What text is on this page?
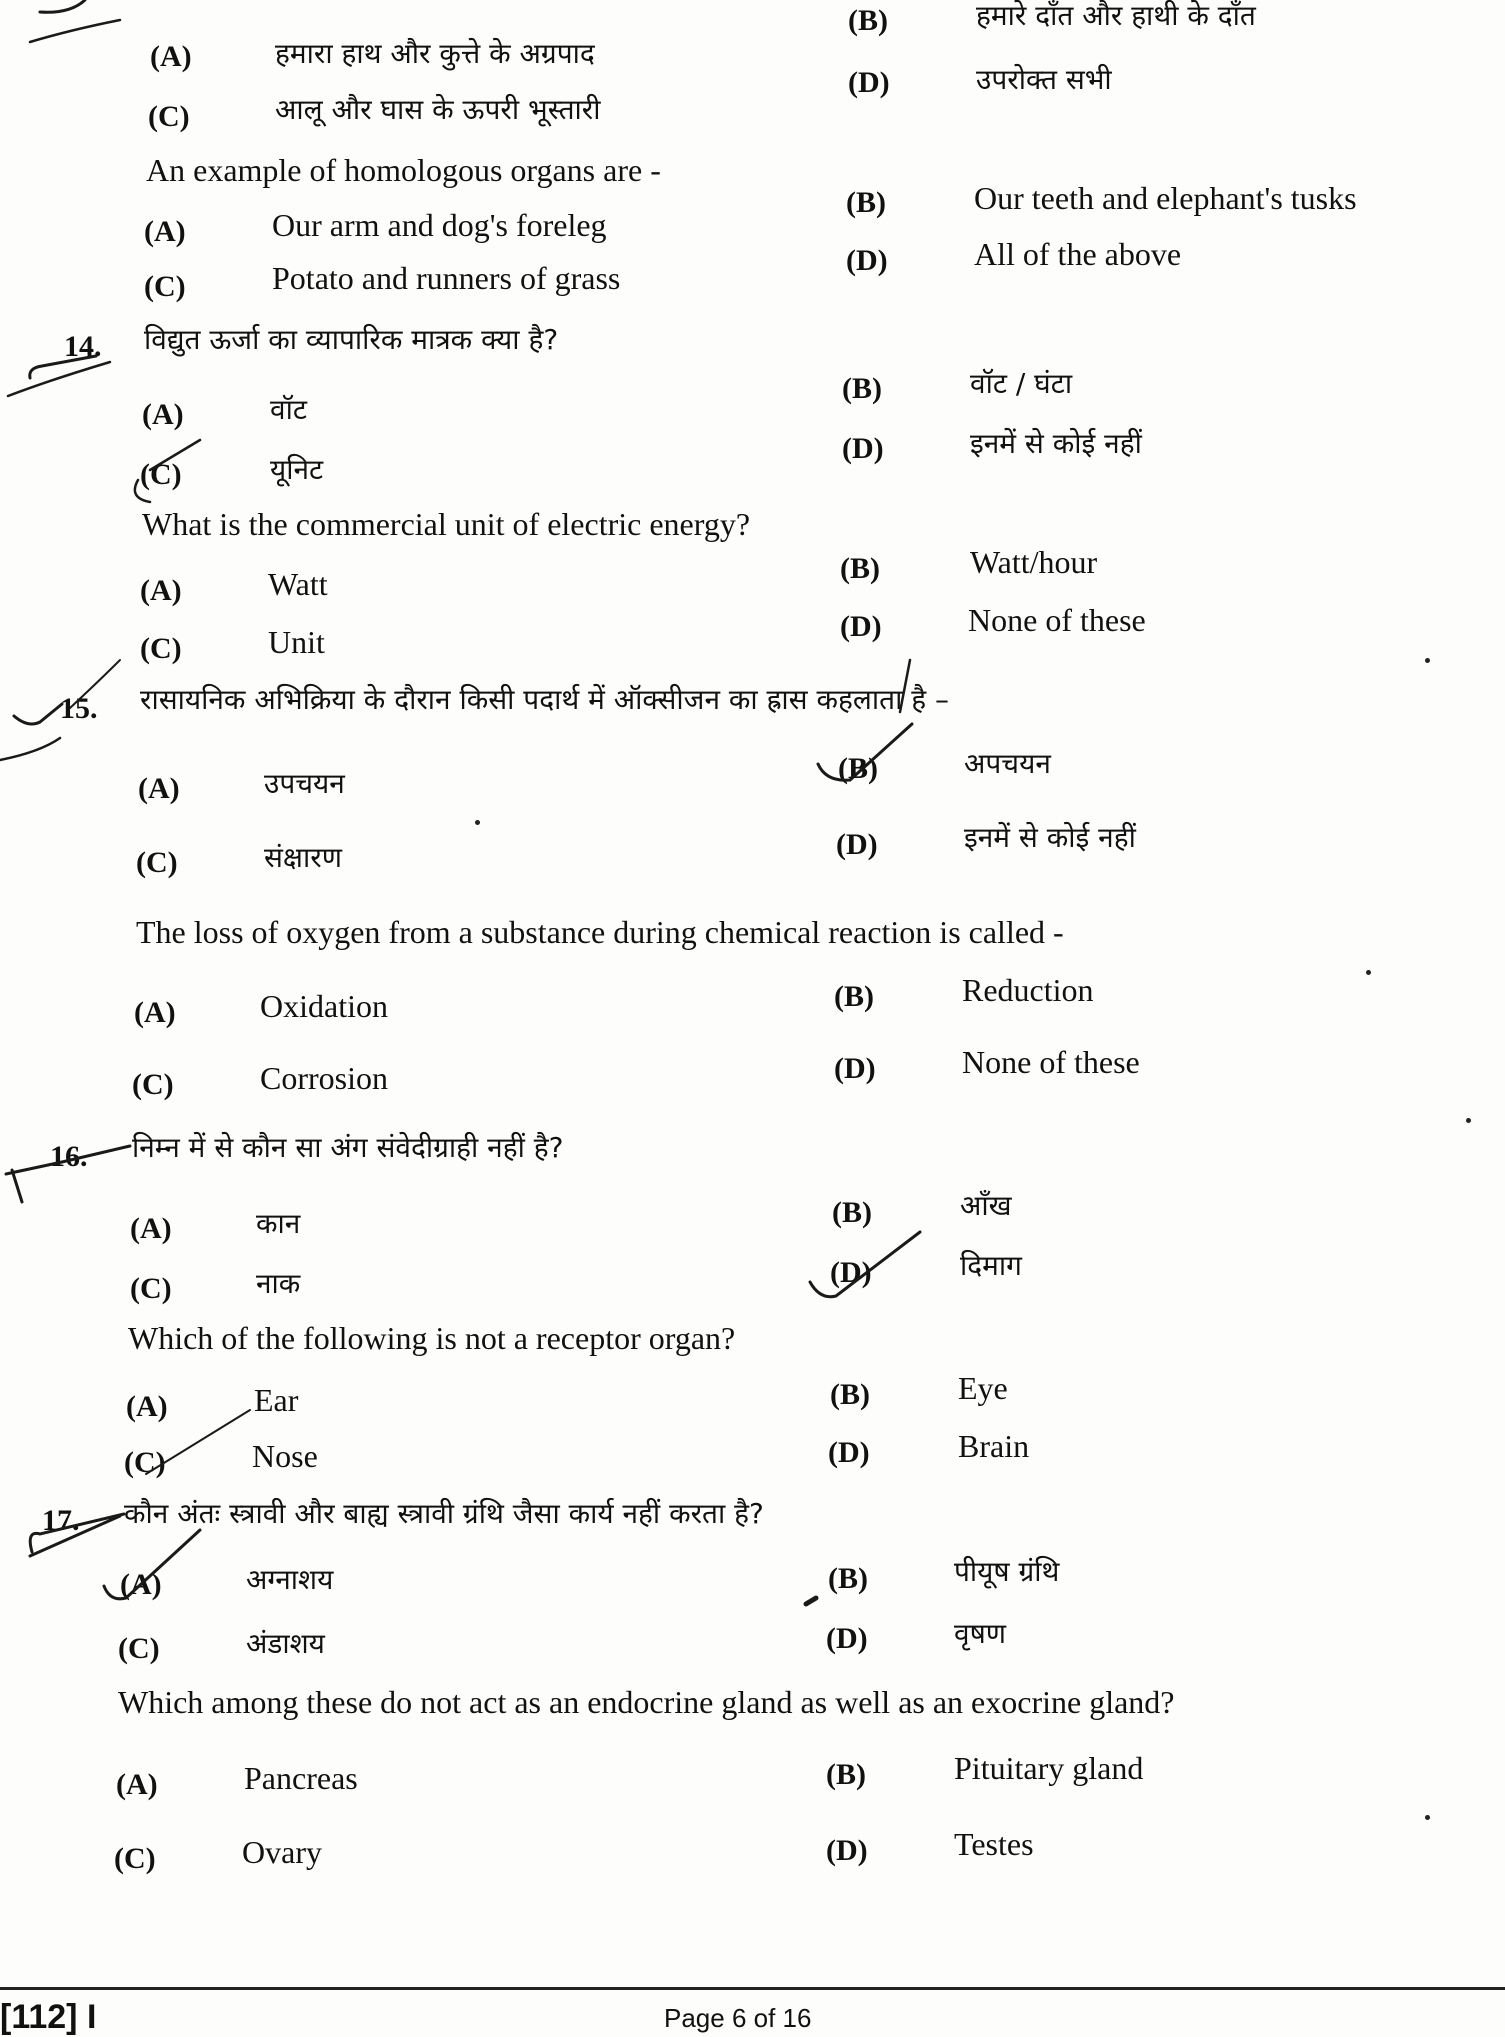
(A)	हमारा हाथ और कुत्ते के अग्रपाद
(B)	हमारे दाँत और हाथी के दाँत
(C)	आलू और घास के ऊपरी भूस्तारी
(D)	उपरोक्त सभी
An example of homologous organs are -
(A)	Our arm and dog's foreleg
(B)	Our teeth and elephant's tusks
(C)	Potato and runners of grass	(D)	All of the above
14. विद्युत ऊर्जा का व्यापारिक मात्रक क्या है?
(A)	वॉट
(B)	वॉट / घंटा
(C)	यूनिट
(D)	इनमें से कोई नहीं
What is the commercial unit of electric energy?
(A)	Watt	(B)	Watt/hour
(C)	Unit	(D)	None of these
15. रासायनिक अभिक्रिया के दौरान किसी पदार्थ में ऑक्सीजन का ह्रास कहलाता है –
(A)	उपचयन	(B)	अपचयन
(C)	संक्षारण	(D)	इनमें से कोई नहीं
The loss of oxygen from a substance during chemical reaction is called -
(A)	Oxidation	(B)	Reduction
(C)	Corrosion	(D)	None of these
16. निम्न में से कौन सा अंग संवेदीग्राही नहीं है?
(A)	कान	(B)	आँख
(C)	नाक	(D)	दिमाग
Which of the following is not a receptor organ?
(A)	Ear	(B)	Eye
(C)	Nose	(D)	Brain
17. कौन अंतः स्त्रावी और बाह्य स्त्रावी ग्रंथि जैसा कार्य नहीं करता है?
(A)	अग्नाशय	(B)	पीयूष ग्रंथि
(C)	अंडाशय	(D)	वृषण
Which among these do not act as an endocrine gland as well as an exocrine gland?
(A)	Pancreas	(B)	Pituitary gland
(C)	Ovary	(D)	Testes
[112] I	Page 6 of 16
